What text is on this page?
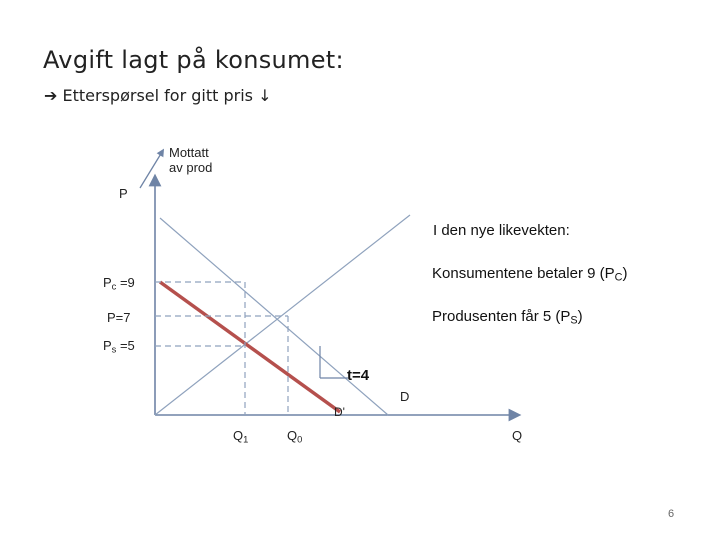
Avgift lagt på konsumet:
➔ Etterspørsel for gitt pris ↓
Mottatt
av prod
P
Q
$P_c =9$
P=7
$P_s =5$
$Q_1$	$Q_0$
D
D'
t=4
I den nye likevekten:
Konsumentene betaler 9 $(P_C)$
Produsenten får 5 $(P_S)$
6
